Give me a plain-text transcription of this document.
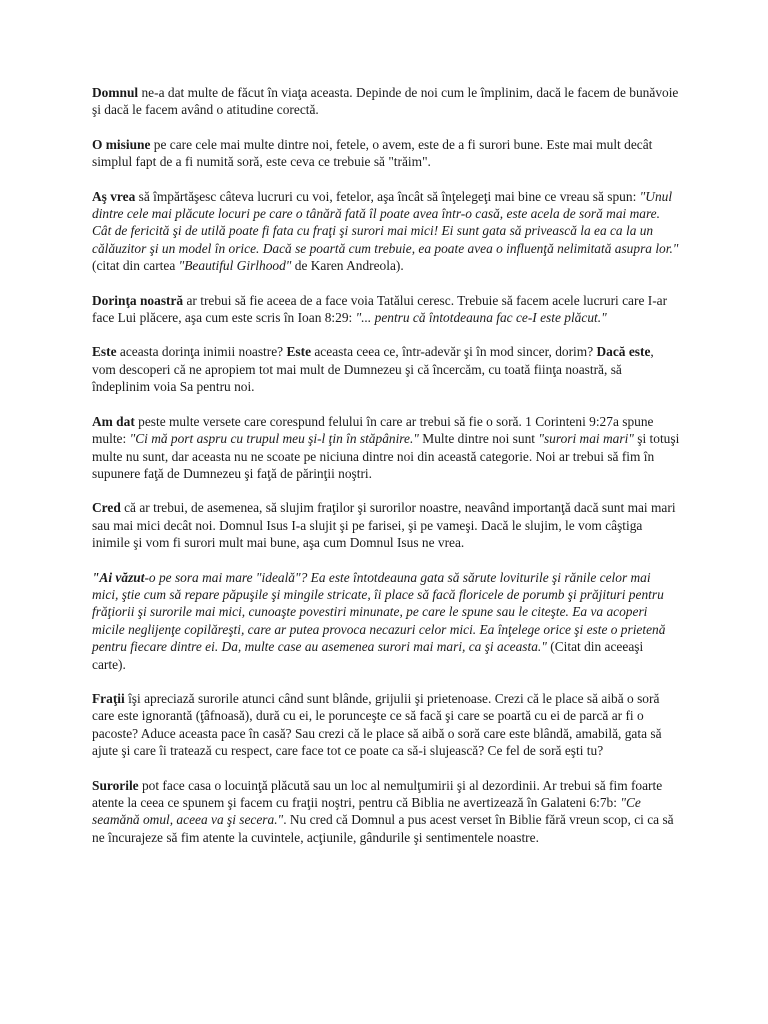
Domnul ne-a dat multe de făcut în viaţa aceasta. Depinde de noi cum le împlinim, dacă le facem de bunăvoie şi dacă le facem având o atitudine corectă.

O misiune pe care cele mai multe dintre noi, fetele, o avem, este de a fi surori bune. Este mai mult decât simplul fapt de a fi numită soră, este ceva ce trebuie să "trăim".

Aş vrea să împărtăşesc câteva lucruri cu voi, fetelor, aşa încât să înţelegeţi mai bine ce vreau să spun: "Unul dintre cele mai plăcute locuri pe care o tânără fată îl poate avea într-o casă, este acela de soră mai mare. Cât de fericită şi de utilă poate fi fata cu fraţi şi surori mai mici! Ei sunt gata să privească la ea ca la un călăuzitor şi un model în orice. Dacă se poartă cum trebuie, ea poate avea o influenţă nelimitată asupra lor." (citat din cartea "Beautiful Girlhood" de Karen Andreola).

Dorinţa noastră ar trebui să fie aceea de a face voia Tatălui ceresc. Trebuie să facem acele lucruri care I-ar face Lui plăcere, aşa cum este scris în Ioan 8:29: "... pentru că întotdeauna fac ce-I este plăcut."

Este aceasta dorinţa inimii noastre? Este aceasta ceea ce, într-adevăr şi în mod sincer, dorim? Dacă este, vom descoperi că ne apropiem tot mai mult de Dumnezeu şi că încercăm, cu toată fiinţa noastră, să îndeplinim voia Sa pentru noi.

Am dat peste multe versete care corespund felului în care ar trebui să fie o soră. 1 Corinteni 9:27a spune multe: "Ci mă port aspru cu trupul meu şi-l ţin în stăpânire." Multe dintre noi sunt "surori mai mari" şi totuşi multe nu sunt, dar aceasta nu ne scoate pe niciuna dintre noi din această categorie. Noi ar trebui să fim în supunere faţă de Dumnezeu şi faţă de părinţii noştri.

Cred că ar trebui, de asemenea, să slujim fraţilor şi surorilor noastre, neavând importanţă dacă sunt mai mari sau mai mici decât noi. Domnul Isus I-a slujit şi pe farisei, şi pe vameşi. Dacă le slujim, le vom câştiga inimile şi vom fi surori mult mai bune, aşa cum Domnul Isus ne vrea.

"Ai văzut-o pe sora mai mare "ideală"? Ea este întotdeauna gata să sărute loviturile şi rănile celor mai mici, ştie cum să repare păpuşile şi mingile stricate, îi place să facă floricele de porumb şi prăjituri pentru frăţiorii şi surorile mai mici, cunoaşte povestiri minunate, pe care le spune sau le citeşte. Ea va acoperi micile neglijenţe copilăreşti, care ar putea provoca necazuri celor mici. Ea înţelege orice şi este o prietenă pentru fiecare dintre ei. Da, multe case au asemenea surori mai mari, ca şi aceasta." (Citat din aceeaşi carte).

Fraţii îşi apreciază surorile atunci când sunt blânde, grijulii şi prietenoase. Crezi că le place să aibă o soră care este ignorantă (ţâfnoasă), dură cu ei, le porunceşte ce să facă şi care se poartă cu ei de parcă ar fi o pacoste? Aduce aceasta pace în casă? Sau crezi că le place să aibă o soră care este blândă, amabilă, gata să ajute şi care îi tratează cu respect, care face tot ce poate ca să-i slujească? Ce fel de soră eşti tu?

Surorile pot face casa o locuinţă plăcută sau un loc al nemulţumirii şi al dezordinii. Ar trebui să fim foarte atente la ceea ce spunem şi facem cu fraţii noştri, pentru că Biblia ne avertizează în Galateni 6:7b: "Ce seamănă omul, aceea va şi secera.". Nu cred că Domnul a pus acest verset în Biblie fără vreun scop, ci ca să ne încurajeze să fim atente la cuvintele, acţiunile, gândurile şi sentimentele noastre.
